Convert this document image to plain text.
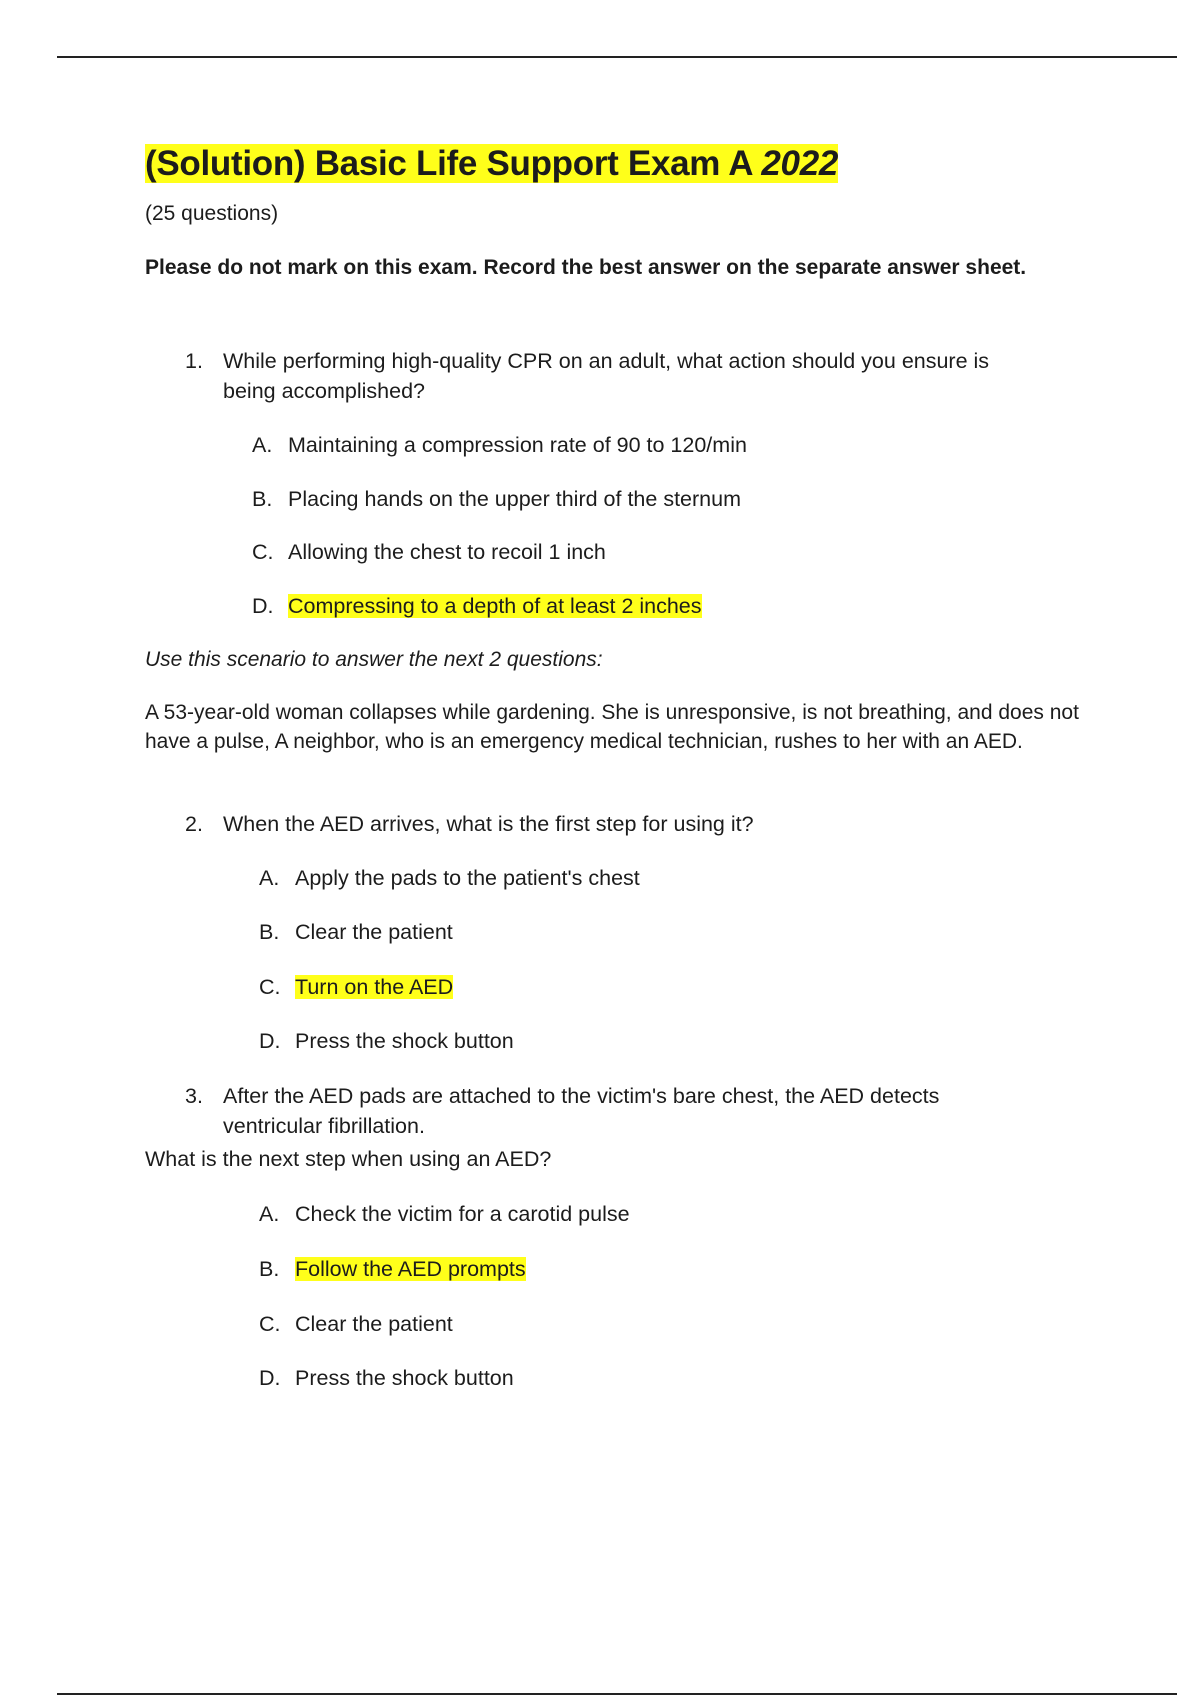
(Solution) Basic Life Support Exam A 2022
(25 questions)
Please do not mark on this exam. Record the best answer on the separate answer sheet.
1. While performing high-quality CPR on an adult, what action should you ensure is being accomplished?
A. Maintaining a compression rate of 90 to 120/min
B. Placing hands on the upper third of the sternum
C. Allowing the chest to recoil 1 inch
D. Compressing to a depth of at least 2 inches
Use this scenario to answer the next 2 questions:
A 53-year-old woman collapses while gardening. She is unresponsive, is not breathing, and does not have a pulse, A neighbor, who is an emergency medical technician, rushes to her with an AED.
2. When the AED arrives, what is the first step for using it?
A. Apply the pads to the patient's chest
B. Clear the patient
C. Turn on the AED
D. Press the shock button
3. After the AED pads are attached to the victim's bare chest, the AED detects ventricular fibrillation.
What is the next step when using an AED?
A. Check the victim for a carotid pulse
B. Follow the AED prompts
C. Clear the patient
D. Press the shock button
